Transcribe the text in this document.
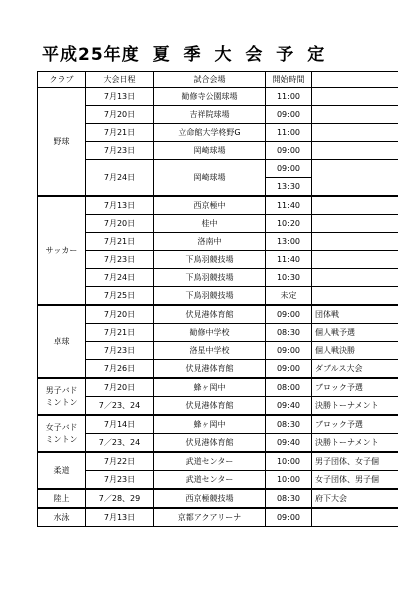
平成25年度 夏 季 大 会 予 定
クラブ	大会日程	試合会場	開始時間	
野球	7月13日	勧修寺公園球場	11:00	
	7月20日	吉祥院球場	09:00	
	7月21日	立命館大学柊野G	11:00	
	7月23日	岡崎球場	09:00	
	7月24日	岡崎球場	09:00	
			13:30	
サッカー	7月13日	西京極中	11:40	
	7月20日	桂中	10:20	
	7月21日	洛南中	13:00	
	7月23日	下鳥羽競技場	11:40	
	7月24日	下鳥羽競技場	10:30	
	7月25日	下鳥羽競技場	未定	
卓球	7月20日	伏見港体育館	09:00	団体戦
	7月21日	勧修中学校	08:30	個人戦予選
	7月23日	洛星中学校	09:00	個人戦決勝
	7月26日	伏見港体育館	09:00	ダブルス大会

男子バド
ミントン	7月20日	蜂ヶ岡中	08:00	ブロック予選
	7／23、24	伏見港体育館	09:40	決勝トーナメント

女子バド
ミントン	7月14日	蜂ヶ岡中	08:30	ブロック予選
	7／23、24	伏見港体育館	09:40	決勝トーナメント
柔道	7月22日	武道センター	10:00	男子団体、女子個
	7月23日	武道センター	10:00	女子団体、男子個
陸上	7／28、29	西京極競技場	08:30	府下大会
水泳	7月13日	京都アクアリーナ	09:00	
